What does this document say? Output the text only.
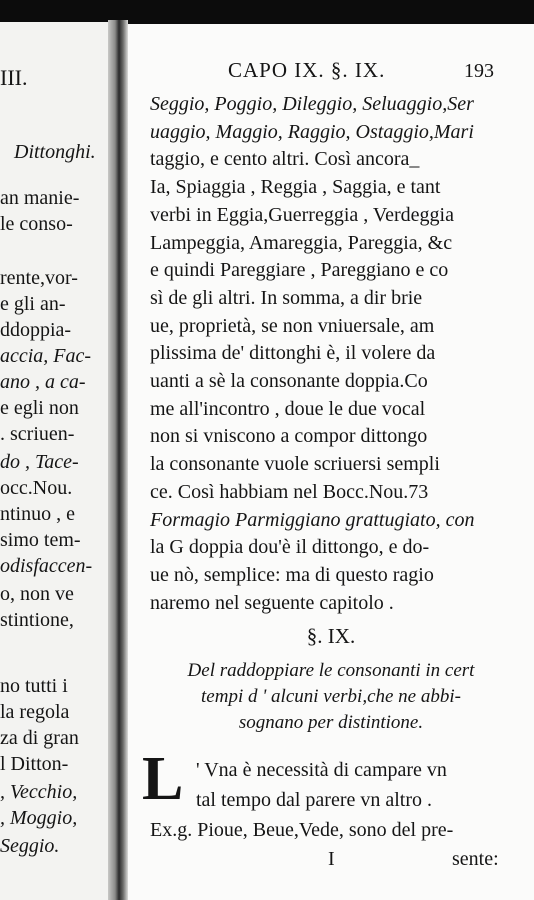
III.
Dittonghi.
an manie-
le conso-
rente,vor-
e gli an-
ddoppia-
accia, Fac-
ano , a ca-
e egli non
. scriuen-
do , Tace-
occ.Nou.
ntinuo , e
simo tem-
odisfaccen-
o, non ve
stintione,
no tutti i
la regola
za di gran
l Ditton-
, Vecchio,
, Moggio,
Seggio.
CAPO IX. §. IX.	193
Seggio, Poggio, Dileggio, Seluaggio,Ser
uaggio, Maggio, Raggio, Ostaggio,Mari
taggio, e cento altri. Così ancora_
Ia, Spiaggia , Reggia , Saggia, e tant
verbi in Eggia,Guerreggia , Verdeggia
Lampeggia, Amareggia, Pareggia, &c
e quindi Pareggiare , Pareggiano e co
sì de gli altri. In somma, a dir brie
ue, proprietà, se non vniuersale, am
plissima de' dittonghi è, il volere da
uanti a sè la consonante doppia.Co
me all'incontro , doue le due vocal
non si vniscono a compor dittongo
la consonante vuole scriuersi sempli
ce. Così habbiam nel Bocc.Nou.73
Formagio Parmiggiano grattugiato, con
la G doppia dou'è il dittongo, e do-
ue nò, semplice: ma di questo ragio
naremo nel seguente capitolo .
§. IX.
Del raddoppiare le consonanti in cert
tempi d ' alcuni verbi,che ne abbi-
sognano per distintione.
L ' Vna è necessità di campare vn
tal tempo dal parere vn altro .
Ex.g. Pioue, Beue,Vede, sono del pre-
I	sente:
